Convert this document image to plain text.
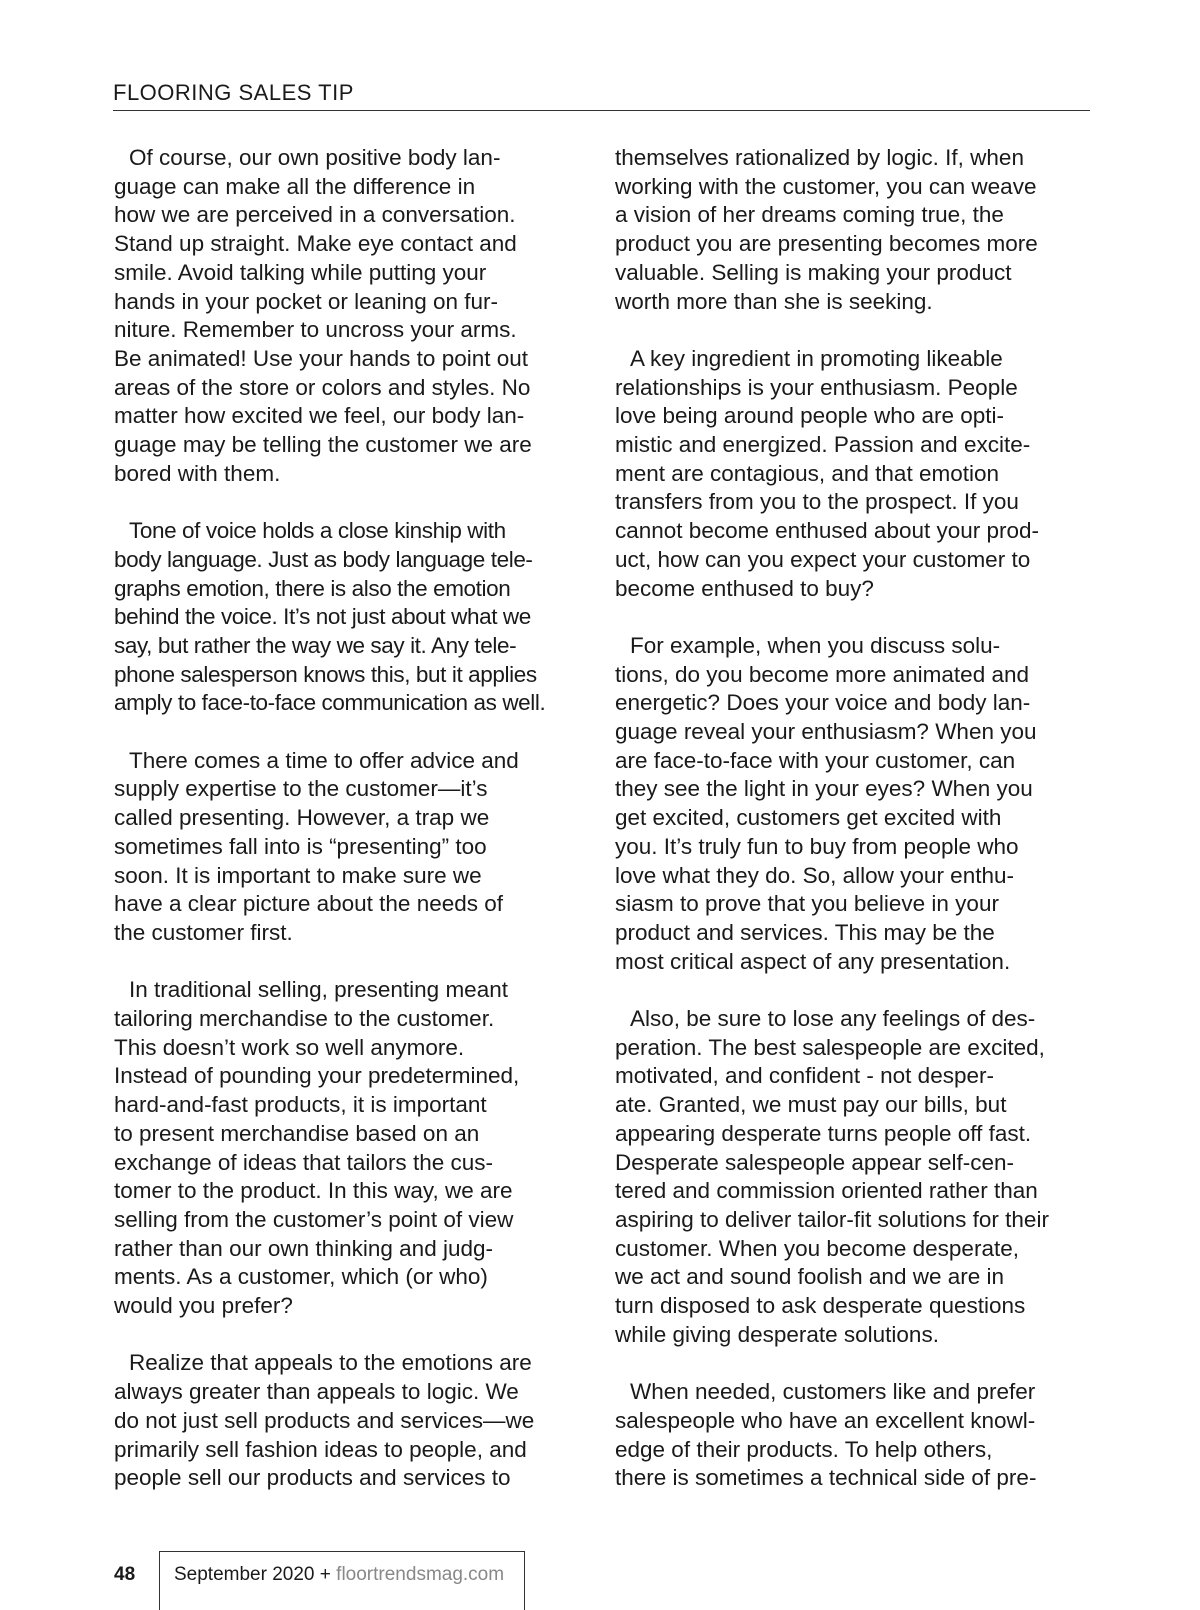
FLOORING SALES TIP

Of course, our own positive body lan-
guage can make all the difference in
how we are perceived in a conversation.
Stand up straight. Make eye contact and
smile. Avoid talking while putting your
hands in your pocket or leaning on fur-
niture. Remember to uncross your arms.
Be animated! Use your hands to point out
areas of the store or colors and styles. No
matter how excited we feel, our body lan-
guage may be telling the customer we are
bored with them.

Tone of voice holds a close kinship with
body language. Just as body language tele-
graphs emotion, there is also the emotion
behind the voice. It’s not just about what we
say, but rather the way we say it. Any tele-
phone salesperson knows this, but it applies
amply to face-to-face communication as well.

There comes a time to offer advice and
supply expertise to the customer—it’s
called presenting. However, a trap we
sometimes fall into is “presenting” too
soon. It is important to make sure we
have a clear picture about the needs of
the customer first.

In traditional selling, presenting meant
tailoring merchandise to the customer.
This doesn’t work so well anymore.
Instead of pounding your predetermined,
hard-and-fast products, it is important
to present merchandise based on an
exchange of ideas that tailors the cus-
tomer to the product. In this way, we are
selling from the customer’s point of view
rather than our own thinking and judg-
ments. As a customer, which (or who)
would you prefer?

Realize that appeals to the emotions are
always greater than appeals to logic. We
do not just sell products and services—we
primarily sell fashion ideas to people, and
people sell our products and services to

themselves rationalized by logic. If, when
working with the customer, you can weave
a vision of her dreams coming true, the
product you are presenting becomes more
valuable. Selling is making your product
worth more than she is seeking.

A key ingredient in promoting likeable
relationships is your enthusiasm. People
love being around people who are opti-
mistic and energized. Passion and excite-
ment are contagious, and that emotion
transfers from you to the prospect. If you
cannot become enthused about your prod-
uct, how can you expect your customer to
become enthused to buy?

For example, when you discuss solu-
tions, do you become more animated and
energetic? Does your voice and body lan-
guage reveal your enthusiasm? When you
are face-to-face with your customer, can
they see the light in your eyes? When you
get excited, customers get excited with
you. It’s truly fun to buy from people who
love what they do. So, allow your enthu-
siasm to prove that you believe in your
product and services. This may be the
most critical aspect of any presentation.

Also, be sure to lose any feelings of des-
peration. The best salespeople are excited,
motivated, and confident - not desper-
ate. Granted, we must pay our bills, but
appearing desperate turns people off fast.
Desperate salespeople appear self-cen-
tered and commission oriented rather than
aspiring to deliver tailor-fit solutions for their
customer. When you become desperate,
we act and sound foolish and we are in
turn disposed to ask desperate questions
while giving desperate solutions.

When needed, customers like and prefer
salespeople who have an excellent knowl-
edge of their products. To help others,
there is sometimes a technical side of pre-

48	September 2020 + floortrendsmag.com
